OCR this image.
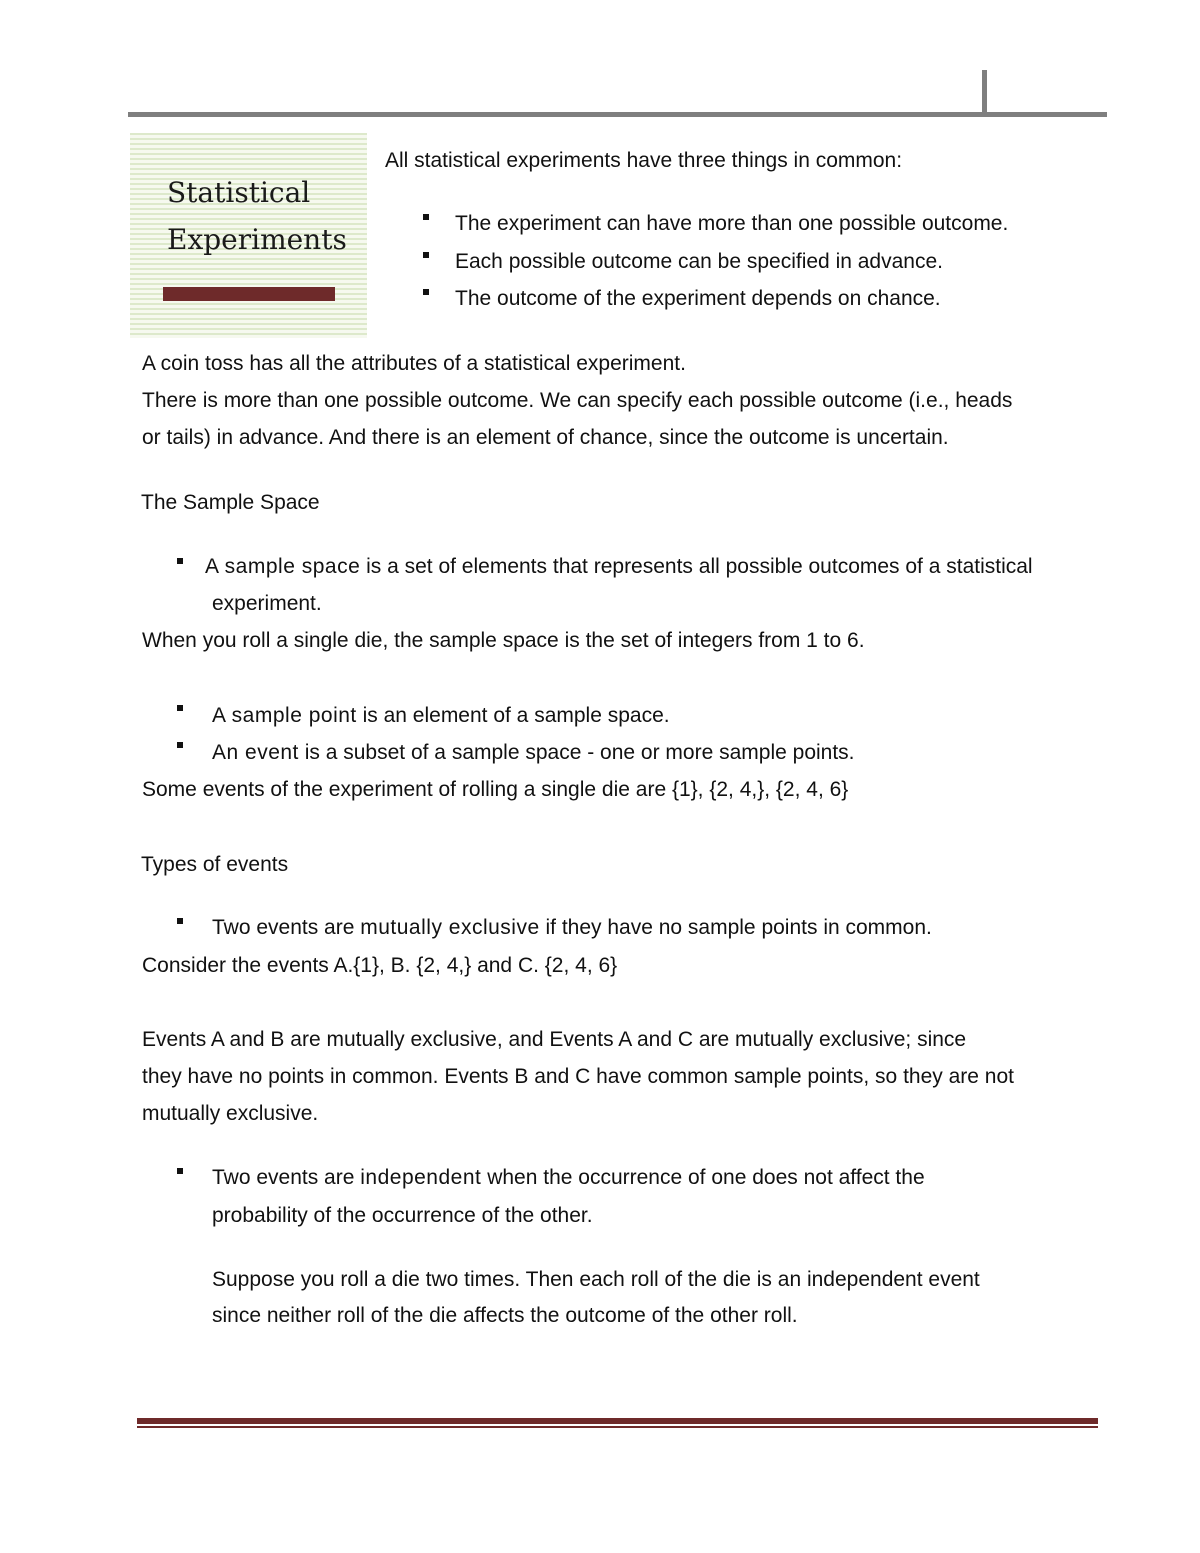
Statistical
Experiments
All statistical experiments have three things in common:
The experiment can have more than one possible outcome.
Each possible outcome can be specified in advance.
The outcome of the experiment depends on chance.
A coin toss has all the attributes of a statistical experiment.
There is more than one possible outcome. We can specify each possible outcome (i.e., heads
or tails) in advance. And there is an element of chance, since the outcome is uncertain.
The Sample Space
A sample space is a set of elements that represents all possible outcomes of a statistical
experiment.
When you roll a single die, the sample space is the set of integers from 1 to 6.
A sample point is an element of a sample space.
An event is a subset of a sample space - one or more sample points.
Some events of the experiment of rolling a single die are {1}, {2, 4,}, {2, 4, 6}
Types of events
Two events are mutually exclusive if they have no sample points in common.
Consider the events A.{1}, B. {2, 4,} and C. {2, 4, 6}
Events A and B are mutually exclusive, and Events A and C are mutually exclusive; since
they have no points in common. Events B and C have common sample points, so they are not
mutually exclusive.
Two events are independent when the occurrence of one does not affect the
probability of the occurrence of the other.
Suppose you roll a die two times. Then each roll of the die is an independent event
since neither roll of the die affects the outcome of the other roll.
